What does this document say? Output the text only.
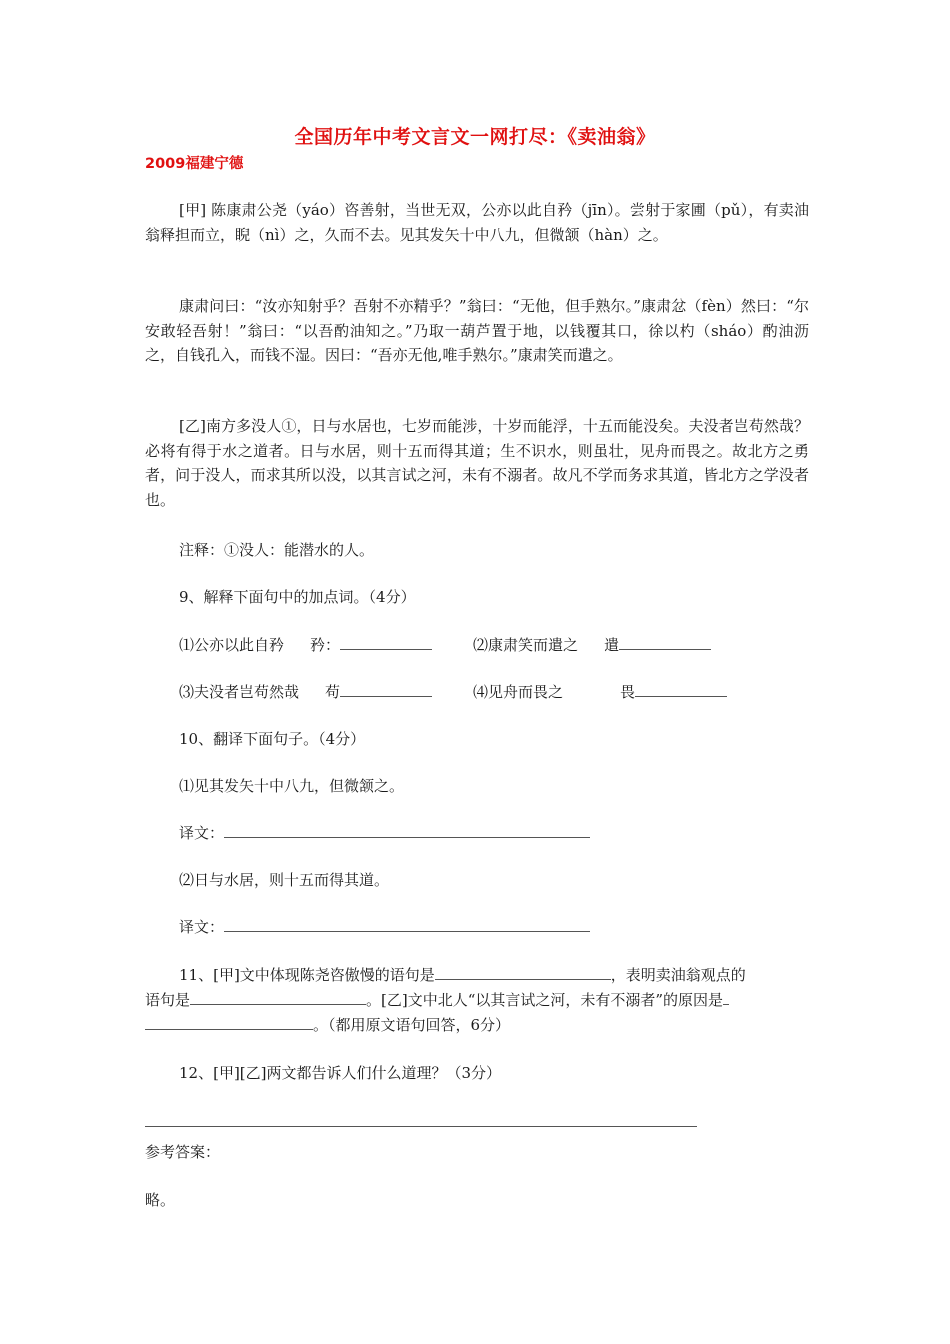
全国历年中考文言文一网打尽：《卖油翁》
2009福建宁德

[甲] 陈康肃公尧（yáo）咨善射，当世无双，公亦以此自矜（jīn）。尝射于家圃（pǔ），有卖油翁释担而立，睨（nì）之，久而不去。见其发矢十中八九，但微颔（hàn）之。

康肃问曰：“汝亦知射乎？吾射不亦精乎？”翁曰：“无他，但手熟尔。”康肃忿（fèn）然曰：“尔安敢轻吾射！”翁曰：“以吾酌油知之。”乃取一葫芦置于地，以钱覆其口，徐以杓（sháo）酌油沥之，自钱孔入，而钱不湿。因曰：“吾亦无他,唯手熟尔。”康肃笑而遣之。

[乙]南方多没人①，日与水居也，七岁而能涉，十岁而能浮，十五而能没矣。夫没者岂苟然哉？必将有得于水之道者。日与水居，则十五而得其道；生不识水，则虽壮，见舟而畏之。故北方之勇者，问于没人，而求其所以没，以其言试之河，未有不溺者。故凡不学而务求其道，皆北方之学没者也。

注释：①没人：能潜水的人。
9、解释下面句中的加点词。（4分）
⑴公亦以此自矜 矜：	⑵康肃笑而遣之 遣
⑶夫没者岂苟然哉 苟	⑷见舟而畏之	畏
10、翻译下面句子。（4分）
⑴见其发矢十中八九，但微颔之。
译文：
⑵日与水居，则十五而得其道。
译文：
11、[甲]文中体现陈尧咨傲慢的语句是	，表明卖油翁观点的
语句是	。[乙]文中北人“以其言试之河，未有不溺者”的原因是
。（都用原文语句回答，6分）
12、[甲][乙]两文都告诉人们什么道理？（3分）
参考答案：
略。
